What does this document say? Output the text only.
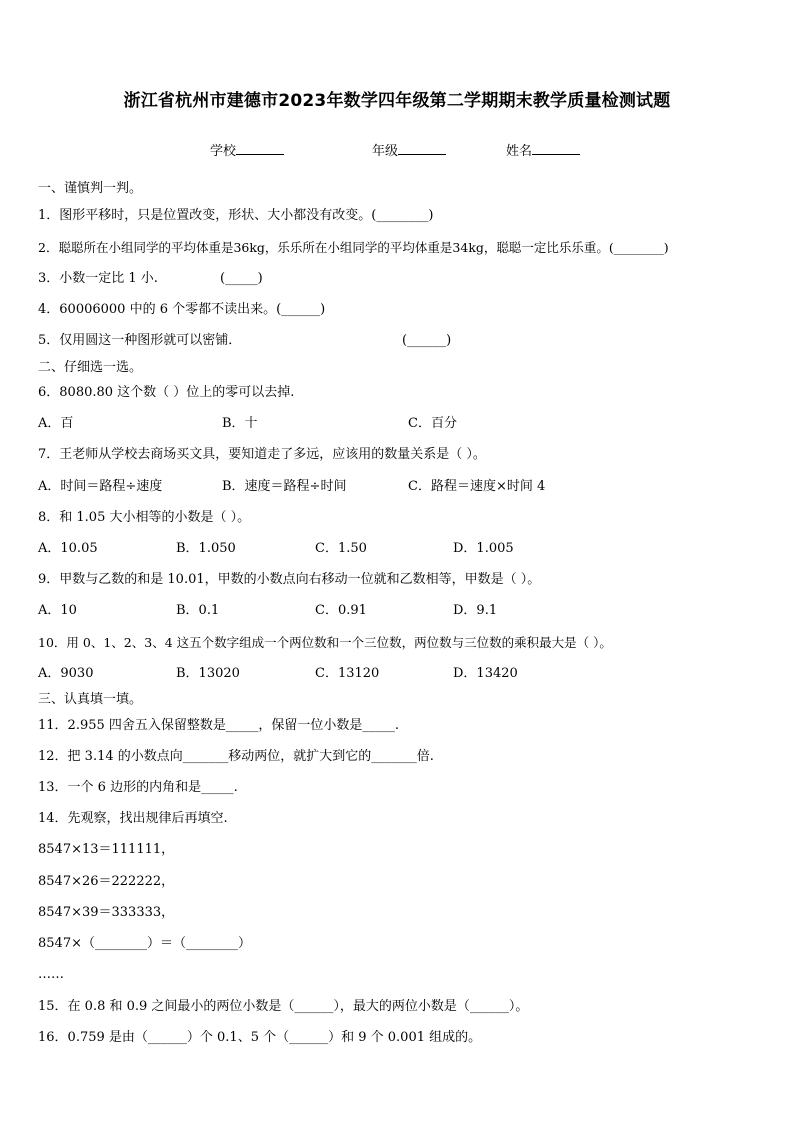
浙江省杭州市建德市2023年数学四年级第二学期期末教学质量检测试题
学校	年级	姓名
一、谨慎判一判。
1．图形平移时，只是位置改变，形状、大小都没有改变。(________)
2．聪聪所在小组同学的平均体重是36kg，乐乐所在小组同学的平均体重是34kg，聪聪一定比乐乐重。(________)
3．小数一定比 1 小.	(_____)
4．60006000 中的 6 个零都不读出来。(______)
5．仅用圆这一种图形就可以密铺．	(______)
二、仔细选一选。
6．8080.80 这个数（ ）位上的零可以去掉.
A．百	B．十	C．百分
7．王老师从学校去商场买文具，要知道走了多远，应该用的数量关系是（ ）。
A．时间＝路程÷速度	B．速度＝路程÷时间	C．路程＝速度×时间 4
8．和 1.05 大小相等的小数是（ ）。
A．10.05	B．1.050	C．1.50	D．1.005
9．甲数与乙数的和是 10.01，甲数的小数点向右移动一位就和乙数相等，甲数是（ ）。
A．10	B．0.1	C．0.91	D．9.1
10．用 0、1、2、3、4 这五个数字组成一个两位数和一个三位数，两位数与三位数的乘积最大是（ ）。
A．9030	B．13020	C．13120	D．13420
三、认真填一填。
11．2.955 四舍五入保留整数是_____，保留一位小数是_____.
12．把 3.14 的小数点向_______移动两位，就扩大到它的_______倍.
13．一个 6 边形的内角和是_____.
14．先观察，找出规律后再填空.
8547×13＝111111，
8547×26＝222222，
8547×39＝333333，
8547×（________）＝（________）
……
15．在 0.8 和 0.9 之间最小的两位小数是（______），最大的两位小数是（______）。
16．0.759 是由（______）个 0.1、5 个（______）和 9 个 0.001 组成的。
